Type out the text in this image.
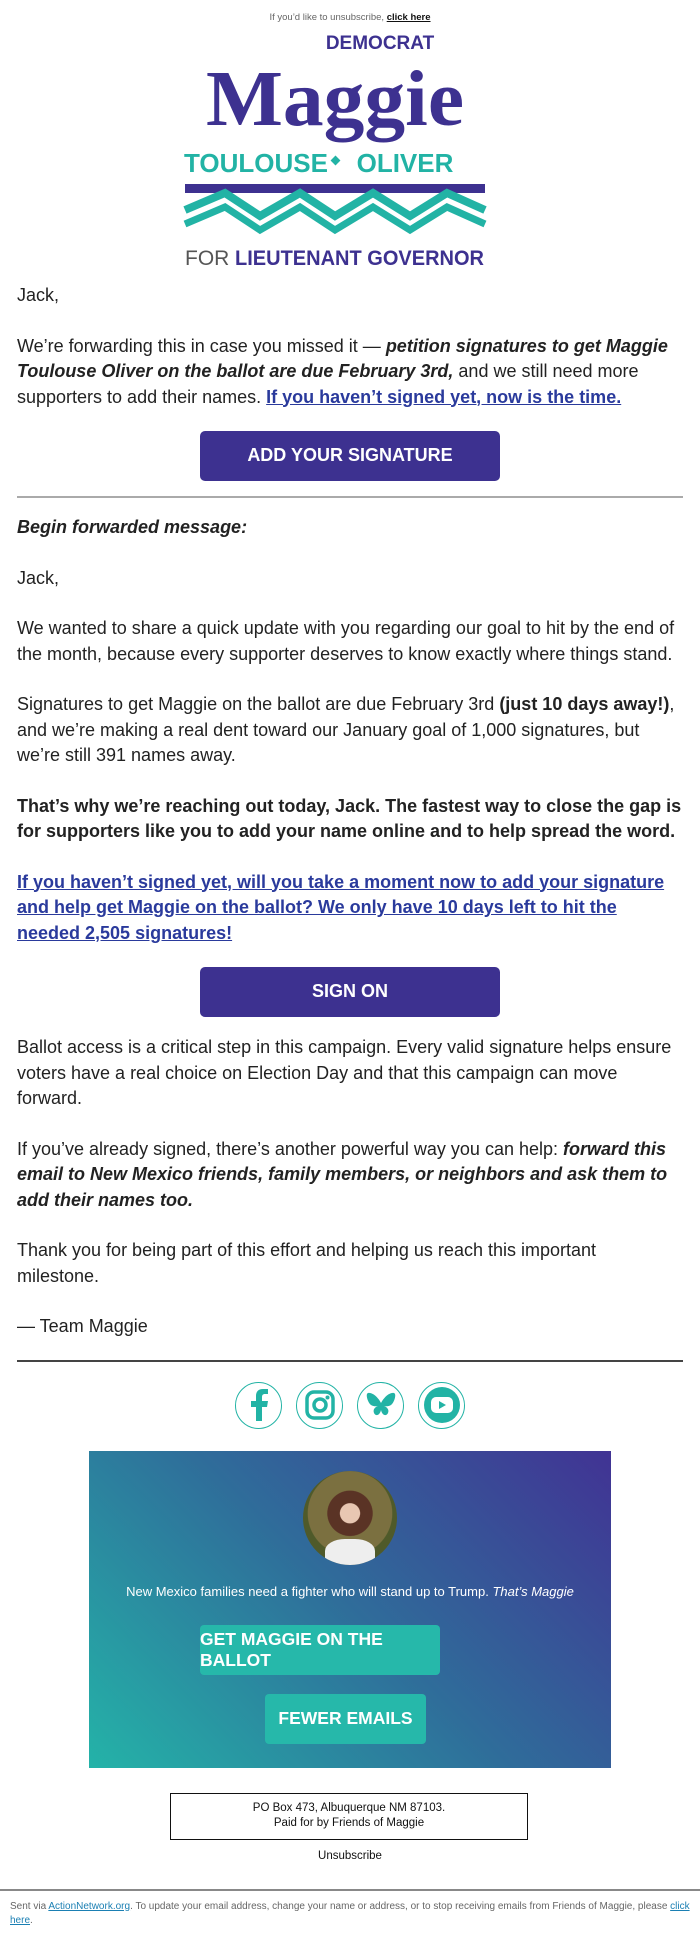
If you’d like to unsubscribe, click here
DEMOCRAT
Maggie
TOULOUSE OLIVER
FOR LIEUTENANT GOVERNOR

Jack,

We’re forwarding this in case you missed it — petition signatures to get Maggie Toulouse Oliver on the ballot are due February 3rd, and we still need more supporters to add their names. If you haven’t signed yet, now is the time.

ADD YOUR SIGNATURE

Begin forwarded message:

Jack,

We wanted to share a quick update with you regarding our goal to hit by the end of the month, because every supporter deserves to know exactly where things stand.

Signatures to get Maggie on the ballot are due February 3rd (just 10 days away!), and we’re making a real dent toward our January goal of 1,000 signatures, but we’re still 391 names away.

That’s why we’re reaching out today, Jack. The fastest way to close the gap is for supporters like you to add your name online and to help spread the word.

If you haven’t signed yet, will you take a moment now to add your signature and help get Maggie on the ballot? We only have 10 days left to hit the needed 2,505 signatures!

SIGN ON

Ballot access is a critical step in this campaign. Every valid signature helps ensure voters have a real choice on Election Day and that this campaign can move forward.

If you’ve already signed, there’s another powerful way you can help: forward this email to New Mexico friends, family members, or neighbors and ask them to add their names too.

Thank you for being part of this effort and helping us reach this important milestone.

— Team Maggie

New Mexico families need a fighter who will stand up to Trump. That’s Maggie
GET MAGGIE ON THE BALLOT
FEWER EMAILS
PO Box 473, Albuquerque NM 87103.
Paid for by Friends of Maggie
Unsubscribe
Sent via ActionNetwork.org. To update your email address, change your name or address, or to stop receiving emails from Friends of Maggie, please click here.
